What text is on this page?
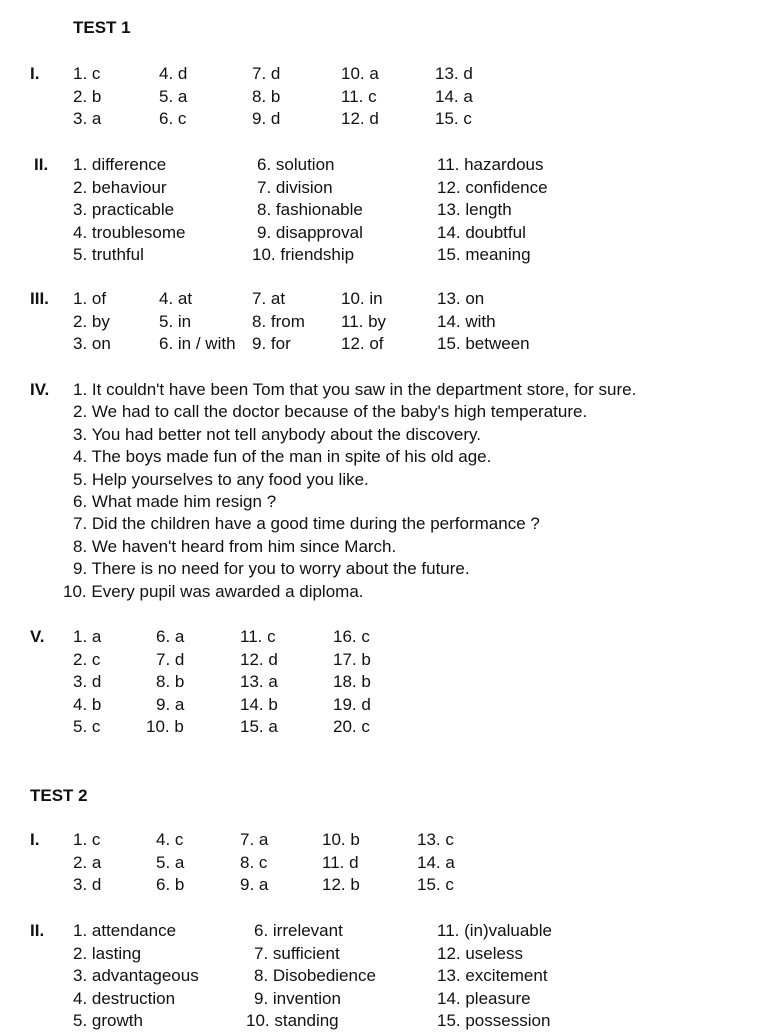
TEST 1
I. 1. c
2. b
3. a
4. d
5. a
6. c
7. d
8. b
9. d
10. a
11. c
12. d
13. d
14. a
15. c
II. 1. difference
2. behaviour
3. practicable
4. troublesome
5. truthful
6. solution
7. division
8. fashionable
9. disapproval
10. friendship
11. hazardous
12. confidence
13. length
14. doubtful
15. meaning
III. 1. of
2. by
3. on
4. at
5. in
6. in / with
7. at
8. from
9. for
10. in
11. by
12. of
13. on
14. with
15. between
IV. 1. It couldn't have been Tom that you saw in the department store, for sure.
2. We had to call the doctor because of the baby's high temperature.
3. You had better not tell anybody about the discovery.
4. The boys made fun of the man in spite of his old age.
5. Help yourselves to any food you like.
6. What made him resign ?
7. Did the children have a good time during the performance ?
8. We haven't heard from him since March.
9. There is no need for you to worry about the future.
10. Every pupil was awarded a diploma.
V. 1. a
2. c
3. d
4. b
5. c
6. a
7. d
8. b
9. a
10. b
11. c
12. d
13. a
14. b
15. a
16. c
17. b
18. b
19. d
20. c
TEST 2
I. 1. c
2. a
3. d
4. c
5. a
6. b
7. a
8. c
9. a
10. b
11. d
12. b
13. c
14. a
15. c
II. 1. attendance
2. lasting
3. advantageous
4. destruction
5. growth
6. irrelevant
7. sufficient
8. Disobedience
9. invention
10. standing
11. (in)valuable
12. useless
13. excitement
14. pleasure
15. possession
